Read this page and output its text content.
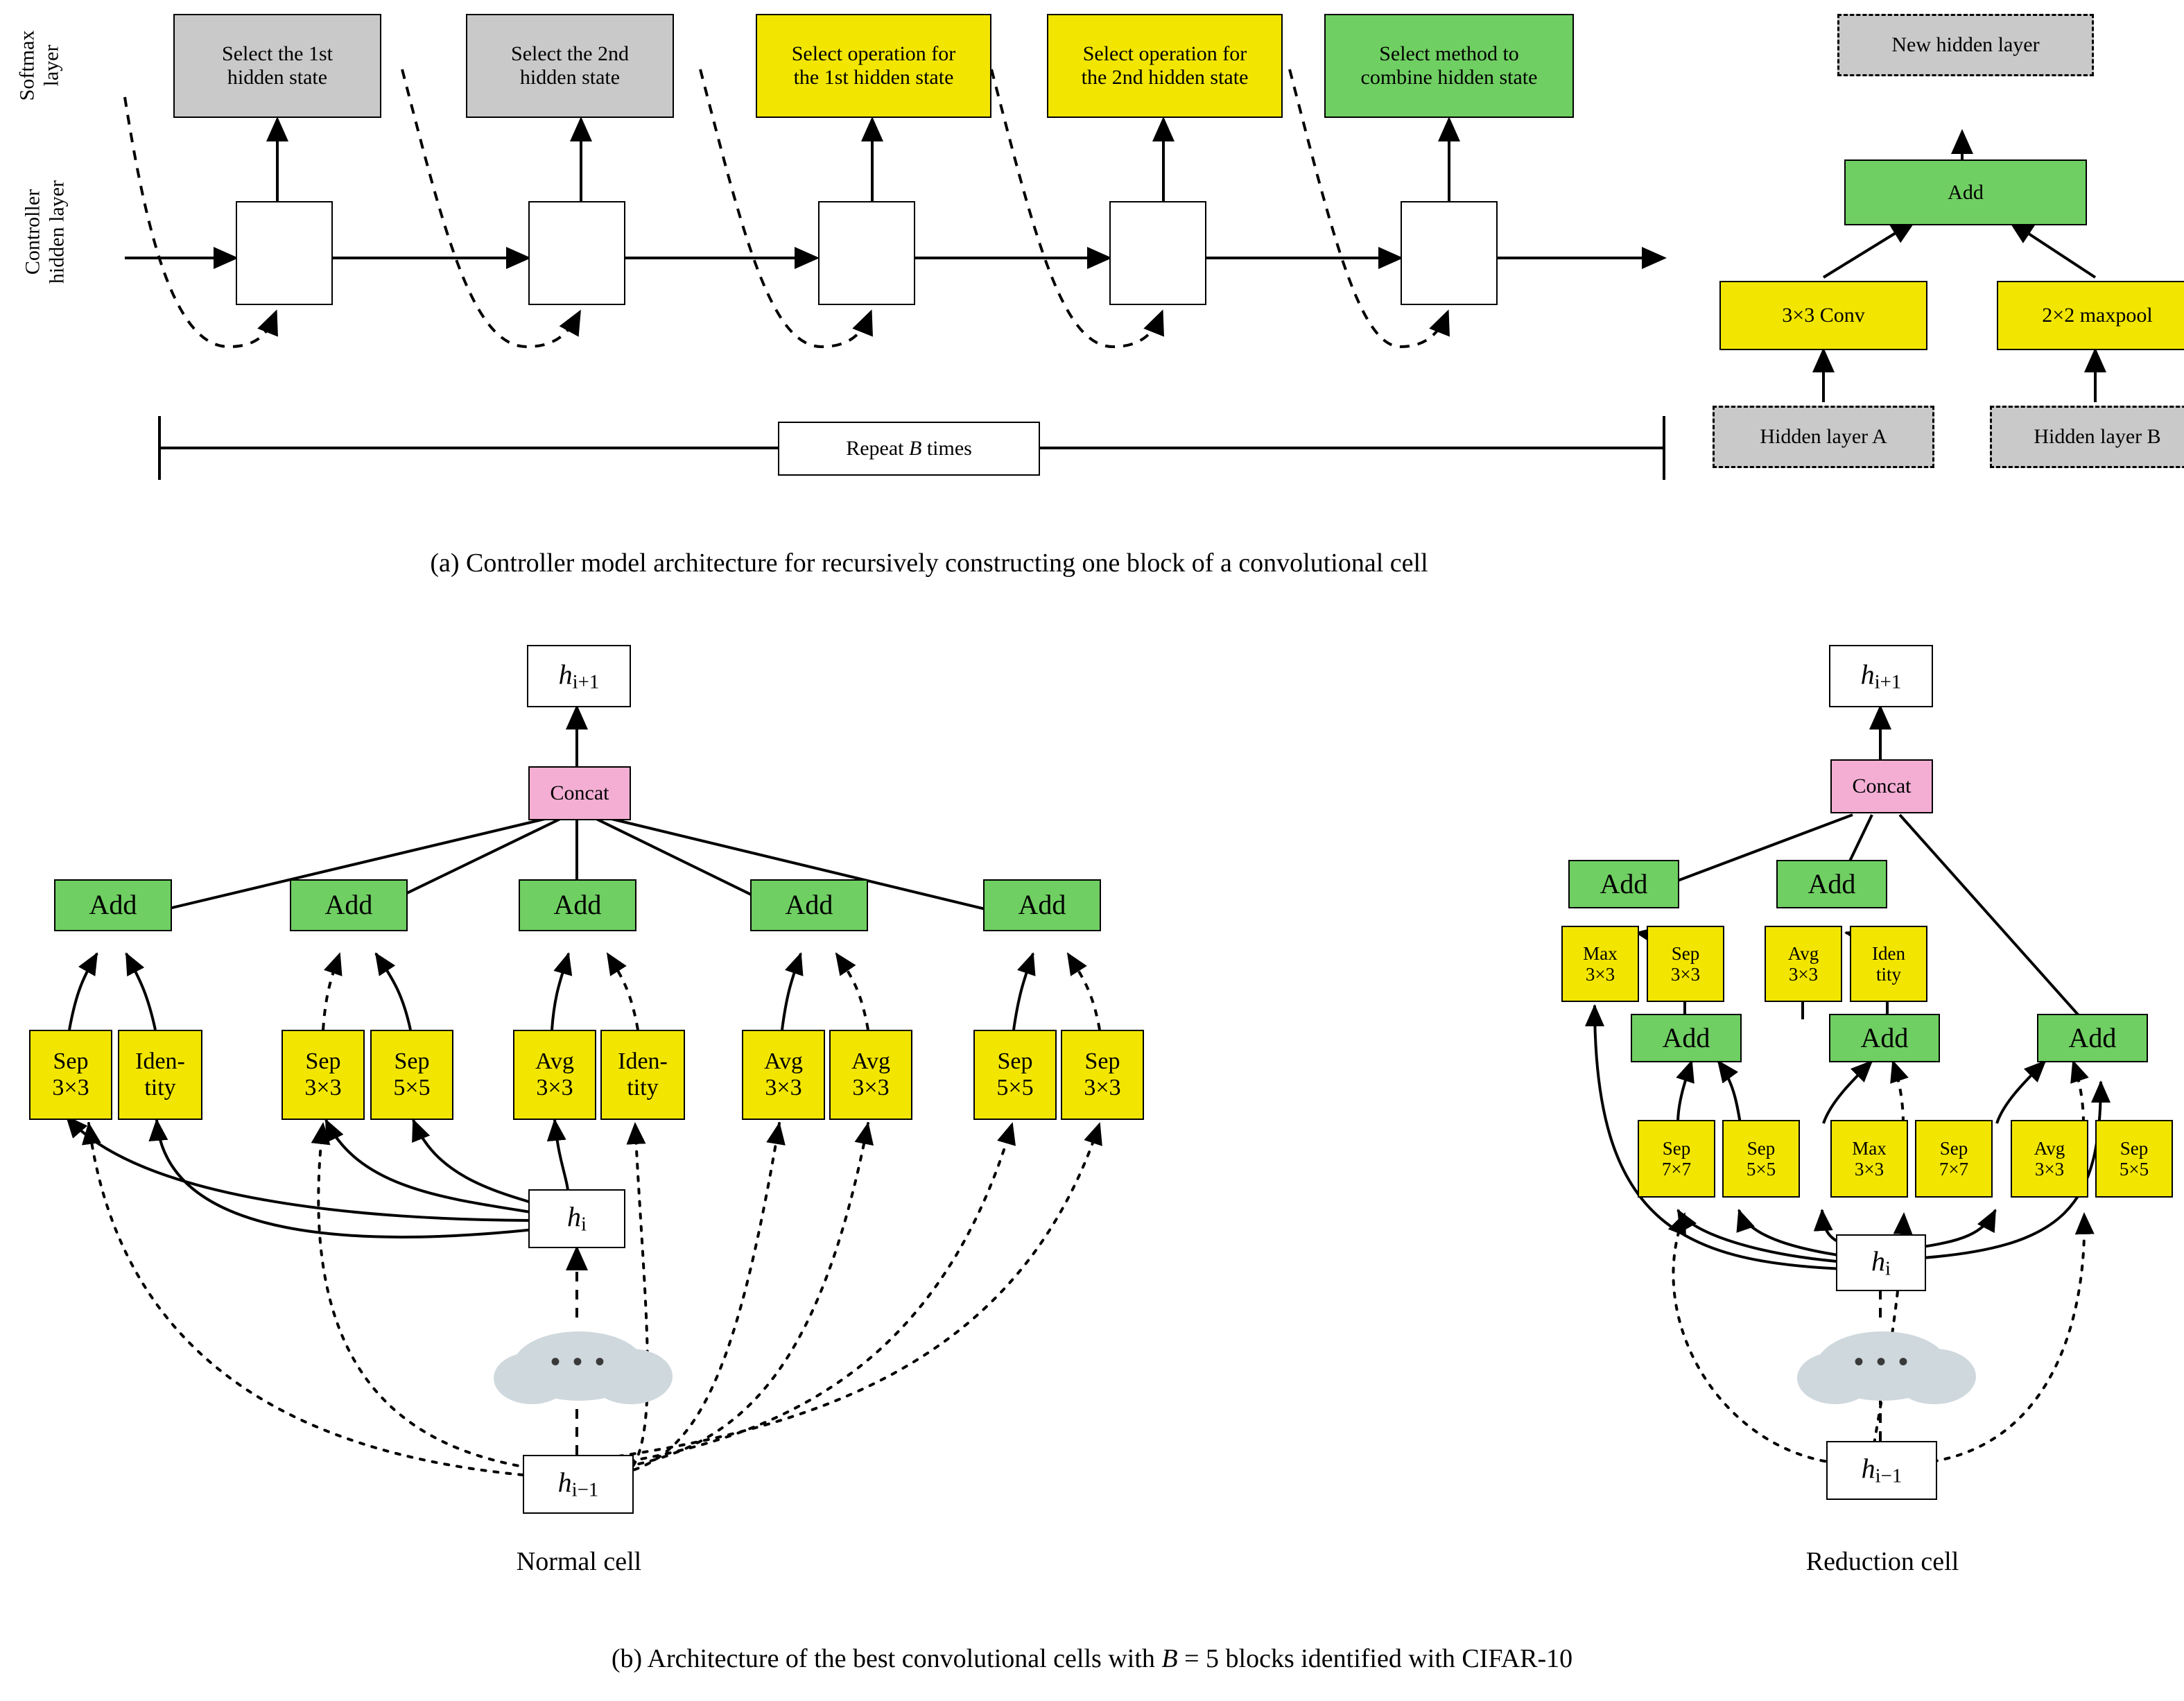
Softmax layer
Controller hidden layer
Select the 1st
hidden state
Select the 2nd
hidden state
Select operation for
the 1st hidden state
Select operation for
the 2nd hidden state
Select method to
combine hidden state
Repeat B times
New hidden layer
Add
3×3 Conv	2×2 maxpool
Hidden layer A	Hidden layer B
(a) Controller model architecture for recursively constructing one block of a convolutional cell
$h_{i+1}$
Concat
Add	Add	Add	Add	Add
Sep
3×3
Iden-
tity
Sep
3×3
Sep
5×5
Avg
3×3
Iden-
tity
Avg
3×3
Avg
3×3
Sep
5×5
Sep
3×3
$h_i$
• • •
$h_{i-1}$
Normal cell
$h_{i+1}$
Concat
Add	Add
Max
3×3
Sep
3×3
Avg
3×3
Iden
tity
Add	Add	Add
Sep
7×7
Sep
5×5
Max
3×3
Sep
7×7
Avg
3×3
Sep
5×5
$h_i$
• • •
$h_{i-1}$
Reduction cell
(b) Architecture of the best convolutional cells with B = 5 blocks identified with CIFAR-10
